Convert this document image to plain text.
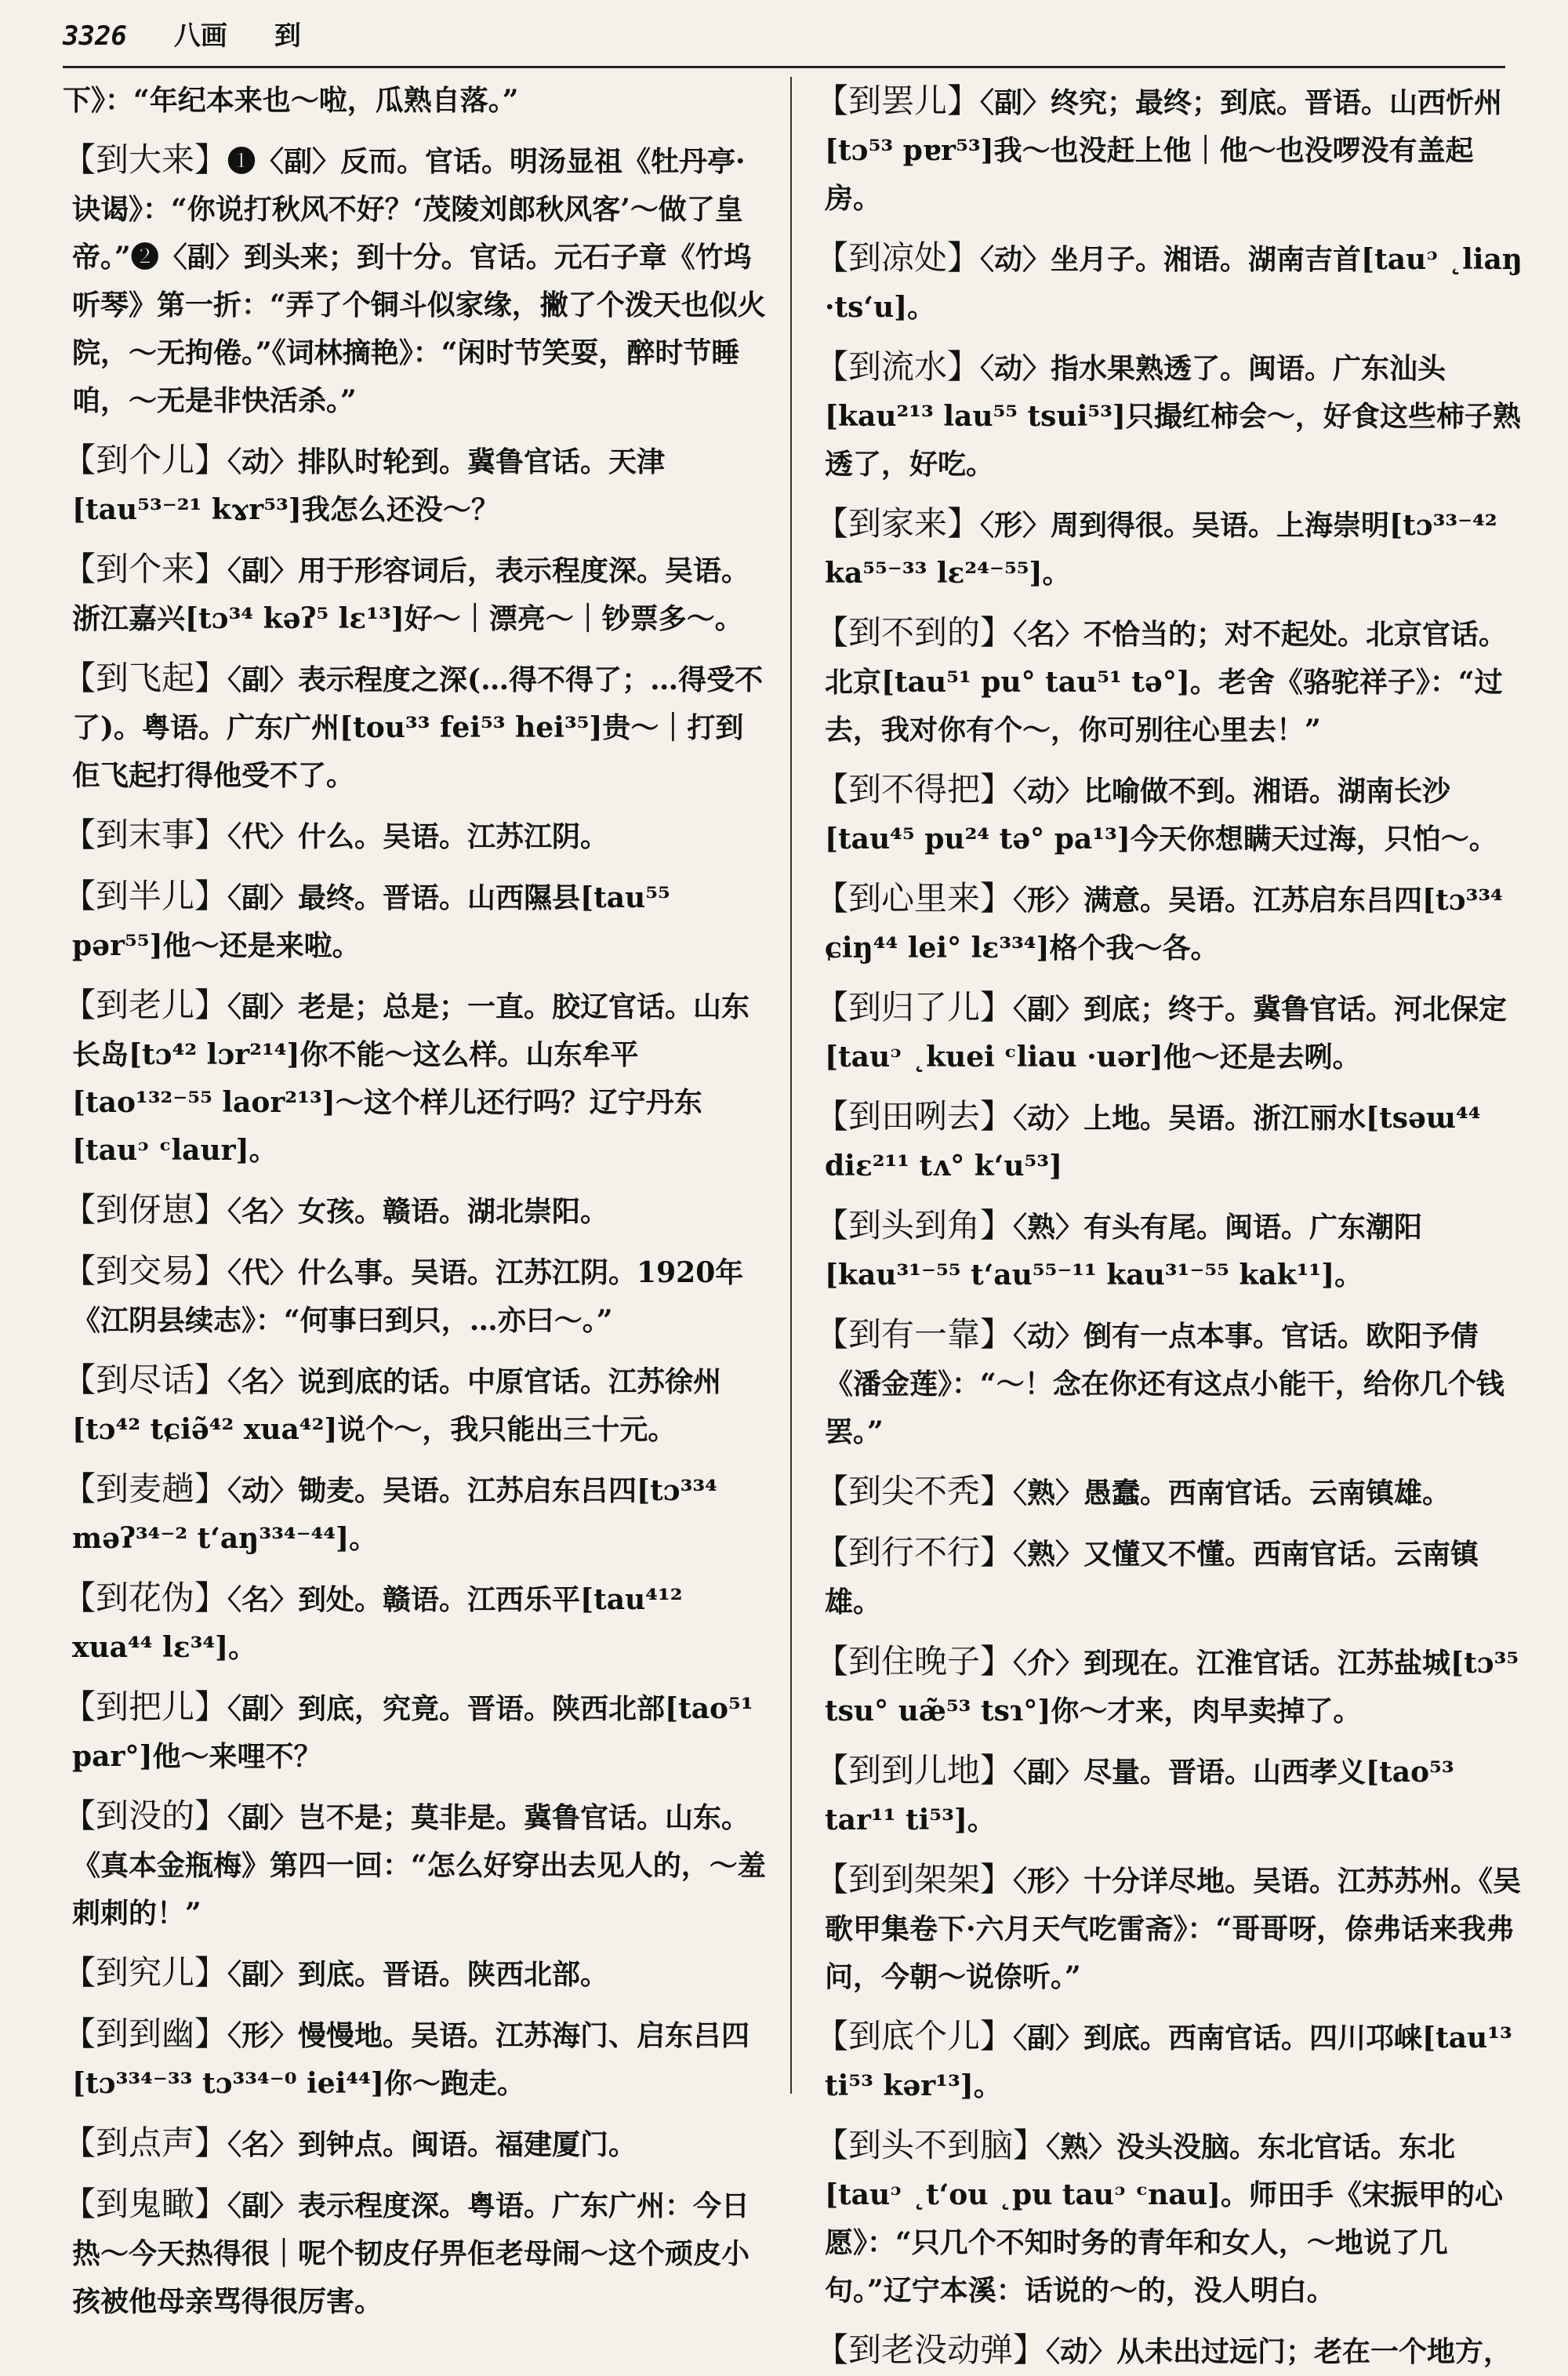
3326 八画 到
下》：“年纪本来也～啦，瓜熟自落。”
【到大来】❶〈副〉反而。官话。明汤显祖《牡丹亭·诀谒》：“你说打秋风不好？‘茂陵刘郎秋风客’～做了皇帝。”❷〈副〉到头来；到十分。官话。元石子章《竹坞听琴》第一折：“弄了个铜斗似家缘，撇了个泼天也似火院，～无拘倦。”《词林摘艳》：“闲时节笑耍，醉时节睡咱，～无是非快活杀。”
【到个儿】〈动〉排队时轮到。冀鲁官话。天津[tau⁵³⁻²¹ kɤr⁵³]我怎么还没～？
【到个来】〈副〉用于形容词后，表示程度深。吴语。浙江嘉兴[tɔ³⁴ kəʔ⁵ lɛ¹³]好～｜漂亮～｜钞票多～。
【到飞起】〈副〉表示程度之深(…得不得了；…得受不了)。粤语。广东广州[tou³³ fei⁵³ hei³⁵]贵～｜打到佢飞起打得他受不了。
【到末事】〈代〉什么。吴语。江苏江阴。
【到半儿】〈副〉最终。晋语。山西隰县[tau⁵⁵ pər⁵⁵]他～还是来啦。
【到老儿】〈副〉老是；总是；一直。胶辽官话。山东长岛[tɔ⁴² lɔr²¹⁴]你不能～这么样。山东牟平[tao¹³²⁻⁵⁵ laor²¹³]～这个样儿还行吗？辽宁丹东[tauᵓ ᶜlaur]。
【到伢崽】〈名〉女孩。赣语。湖北崇阳。
【到交易】〈代〉什么事。吴语。江苏江阴。1920年《江阴县续志》：“何事曰到只，…亦曰～。”
【到尽话】〈名〉说到底的话。中原官话。江苏徐州[tɔ⁴² tɕiə̃⁴² xua⁴²]说个～，我只能出三十元。
【到麦趟】〈动〉锄麦。吴语。江苏启东吕四[tɔ³³⁴ məʔ³⁴⁻² tʻaŋ³³⁴⁻⁴⁴]。
【到花伪】〈名〉到处。赣语。江西乐平[tau⁴¹² xua⁴⁴ lɛ³⁴]。
【到把儿】〈副〉到底，究竟。晋语。陕西北部[tao⁵¹ par°]他～来哩不？
【到没的】〈副〉岂不是；莫非是。冀鲁官话。山东。《真本金瓶梅》第四一回：“怎么好穿出去见人的，～羞刺刺的！”
【到究儿】〈副〉到底。晋语。陕西北部。
【到到幽】〈形〉慢慢地。吴语。江苏海门、启东吕四[tɔ³³⁴⁻³³ tɔ³³⁴⁻⁰ iei⁴⁴]你～跑走。
【到点声】〈名〉到钟点。闽语。福建厦门。
【到鬼瞰】〈副〉表示程度深。粤语。广东广州：今日热～今天热得很｜呢个韧皮仔畀佢老母闹～这个顽皮小孩被他母亲骂得很厉害。
【到罢儿】〈副〉终究；最终；到底。晋语。山西忻州[tɔ⁵³ pɐr⁵³]我～也没赶上他｜他～也没啰没有盖起房。
【到凉处】〈动〉坐月子。湘语。湖南吉首[tauᵓ ˛liaŋ ·tsʻu]。
【到流水】〈动〉指水果熟透了。闽语。广东汕头[kau²¹³ lau⁵⁵ tsui⁵³]只撮红柿会～，好食这些柿子熟透了，好吃。
【到家来】〈形〉周到得很。吴语。上海崇明[tɔ³³⁻⁴² ka⁵⁵⁻³³ lɛ²⁴⁻⁵⁵]。
【到不到的】〈名〉不恰当的；对不起处。北京官话。北京[tau⁵¹ pu° tau⁵¹ tə°]。老舍《骆驼祥子》：“过去，我对你有个～，你可别往心里去！”
【到不得把】〈动〉比喻做不到。湘语。湖南长沙[tau⁴⁵ pu²⁴ tə° pa¹³]今天你想瞒天过海，只怕～。
【到心里来】〈形〉满意。吴语。江苏启东吕四[tɔ³³⁴ ɕiŋ⁴⁴ lei° lɛ³³⁴]格个我～各。
【到归了儿】〈副〉到底；终于。冀鲁官话。河北保定[tauᵓ ˛kuei ᶜliau ·uər]他～还是去咧。
【到田咧去】〈动〉上地。吴语。浙江丽水[tsəɯ⁴⁴ diɛ²¹¹ tʌ° kʻu⁵³]
【到头到角】〈熟〉有头有尾。闽语。广东潮阳[kau³¹⁻⁵⁵ tʻau⁵⁵⁻¹¹ kau³¹⁻⁵⁵ kak¹¹]。
【到有一靠】〈动〉倒有一点本事。官话。欧阳予倩《潘金莲》：“～！念在你还有这点小能干，给你几个钱罢。”
【到尖不秃】〈熟〉愚蠢。西南官话。云南镇雄。
【到行不行】〈熟〉又懂又不懂。西南官话。云南镇雄。
【到住晚子】〈介〉到现在。江淮官话。江苏盐城[tɔ³⁵ tsu° uæ̃⁵³ tsɿ°]你～才来，肉早卖掉了。
【到到儿地】〈副〉尽量。晋语。山西孝义[tao⁵³ tar¹¹ ti⁵³]。
【到到架架】〈形〉十分详尽地。吴语。江苏苏州。《吴歌甲集卷下·六月天气吃雷斋》：“哥哥呀，倷弗话来我弗问，今朝～说倷听。”
【到底个儿】〈副〉到底。西南官话。四川邛崃[tau¹³ ti⁵³ kər¹³]。
【到头不到脑】〈熟〉没头没脑。东北官话。东北[tauᵓ ˛tʻou ˛pu tauᵓ ᶜnau]。师田手《宋振甲的心愿》：“只几个不知时务的青年和女人，～地说了几句。”辽宁本溪：话说的～的，没人明白。
【到老没动弹】〈动〉从未出过远门；老在一个地方，
